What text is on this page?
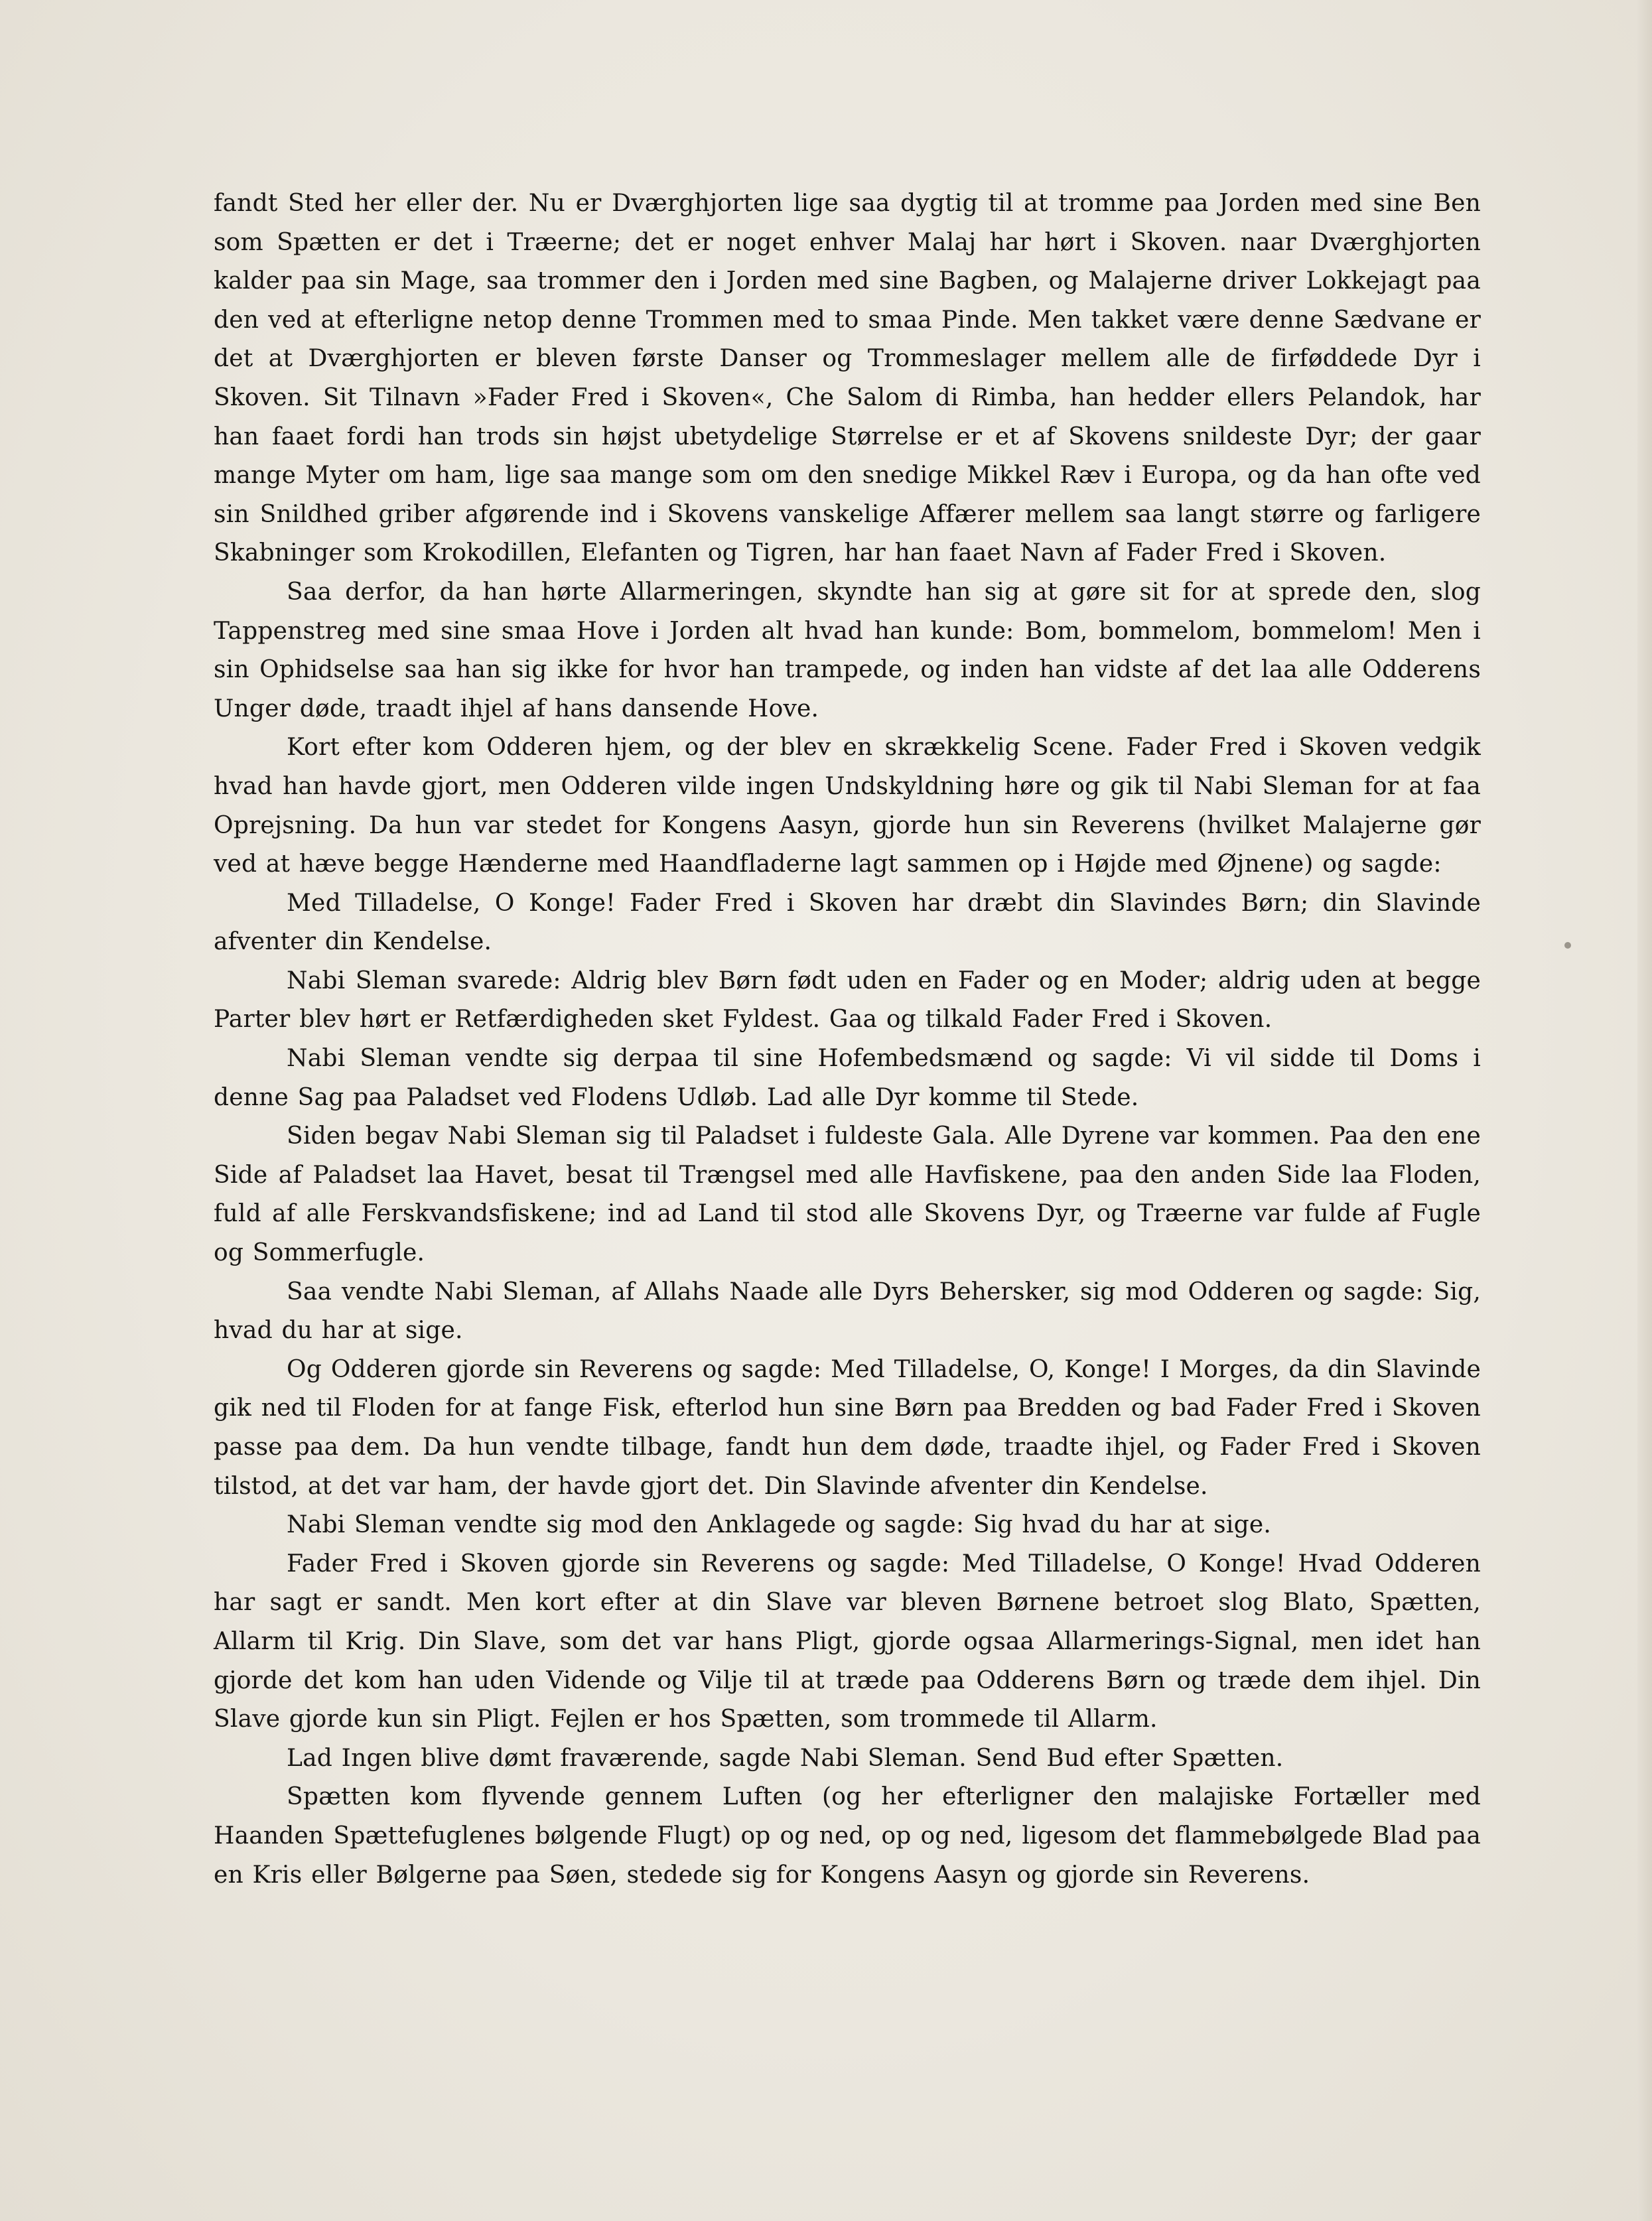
fandt Sted her eller der. Nu er Dværghjorten lige saa dygtig til at tromme paa Jorden med sine Ben som Spætten er det i Træerne; det er noget enhver Malaj har hørt i Skoven. naar Dværghjorten kalder paa sin Mage, saa trommer den i Jorden med sine Bagben, og Malajerne driver Lokkejagt paa den ved at efterligne netop denne Trommen med to smaa Pinde. Men takket være denne Sædvane er det at Dværghjorten er bleven første Danser og Trommeslager mellem alle de firføddede Dyr i Skoven. Sit Tilnavn »Fader Fred i Skoven«, Che Salom di Rimba, han hedder ellers Pelandok, har han faaet fordi han trods sin højst ubetydelige Størrelse er et af Skovens snildeste Dyr; der gaar mange Myter om ham, lige saa mange som om den snedige Mikkel Ræv i Europa, og da han ofte ved sin Snildhed griber afgørende ind i Skovens vanskelige Affærer mellem saa langt større og farligere Skabninger som Krokodillen, Elefanten og Tigren, har han faaet Navn af Fader Fred i Skoven.

Saa derfor, da han hørte Allarmeringen, skyndte han sig at gøre sit for at sprede den, slog Tappenstreg med sine smaa Hove i Jorden alt hvad han kunde: Bom, bommelom, bommelom! Men i sin Ophidselse saa han sig ikke for hvor han trampede, og inden han vidste af det laa alle Odderens Unger døde, traadt ihjel af hans dansende Hove.

Kort efter kom Odderen hjem, og der blev en skrækkelig Scene. Fader Fred i Skoven vedgik hvad han havde gjort, men Odderen vilde ingen Undskyldning høre og gik til Nabi Sleman for at faa Oprejsning. Da hun var stedet for Kongens Aasyn, gjorde hun sin Reverens (hvilket Malajerne gør ved at hæve begge Hænderne med Haandfladerne lagt sammen op i Højde med Øjnene) og sagde:

Med Tilladelse, O Konge! Fader Fred i Skoven har dræbt din Slavindes Børn; din Slavinde afventer din Kendelse.

Nabi Sleman svarede: Aldrig blev Børn født uden en Fader og en Moder; aldrig uden at begge Parter blev hørt er Retfærdigheden sket Fyldest. Gaa og tilkald Fader Fred i Skoven.

Nabi Sleman vendte sig derpaa til sine Hofembedsmænd og sagde: Vi vil sidde til Doms i denne Sag paa Paladset ved Flodens Udløb. Lad alle Dyr komme til Stede.

Siden begav Nabi Sleman sig til Paladset i fuldeste Gala. Alle Dyrene var kommen. Paa den ene Side af Paladset laa Havet, besat til Trængsel med alle Havfiskene, paa den anden Side laa Floden, fuld af alle Ferskvandsfiskene; ind ad Land til stod alle Skovens Dyr, og Træerne var fulde af Fugle og Sommerfugle.

Saa vendte Nabi Sleman, af Allahs Naade alle Dyrs Behersker, sig mod Odderen og sagde: Sig, hvad du har at sige.

Og Odderen gjorde sin Reverens og sagde: Med Tilladelse, O, Konge! I Morges, da din Slavinde gik ned til Floden for at fange Fisk, efterlod hun sine Børn paa Bredden og bad Fader Fred i Skoven passe paa dem. Da hun vendte tilbage, fandt hun dem døde, traadte ihjel, og Fader Fred i Skoven tilstod, at det var ham, der havde gjort det. Din Slavinde afventer din Kendelse.

Nabi Sleman vendte sig mod den Anklagede og sagde: Sig hvad du har at sige.

Fader Fred i Skoven gjorde sin Reverens og sagde: Med Tilladelse, O Konge! Hvad Odderen har sagt er sandt. Men kort efter at din Slave var bleven Børnene betroet slog Blato, Spætten, Allarm til Krig. Din Slave, som det var hans Pligt, gjorde ogsaa Allarmerings-Signal, men idet han gjorde det kom han uden Vidende og Vilje til at træde paa Odderens Børn og træde dem ihjel. Din Slave gjorde kun sin Pligt. Fejlen er hos Spætten, som trommede til Allarm.

Lad Ingen blive dømt fraværende, sagde Nabi Sleman. Send Bud efter Spætten.

Spætten kom flyvende gennem Luften (og her efterligner den malajiske Fortæller med Haanden Spættefuglenes bølgende Flugt) op og ned, op og ned, ligesom det flammebølgede Blad paa en Kris eller Bølgerne paa Søen, stedede sig for Kongens Aasyn og gjorde sin Reverens.
